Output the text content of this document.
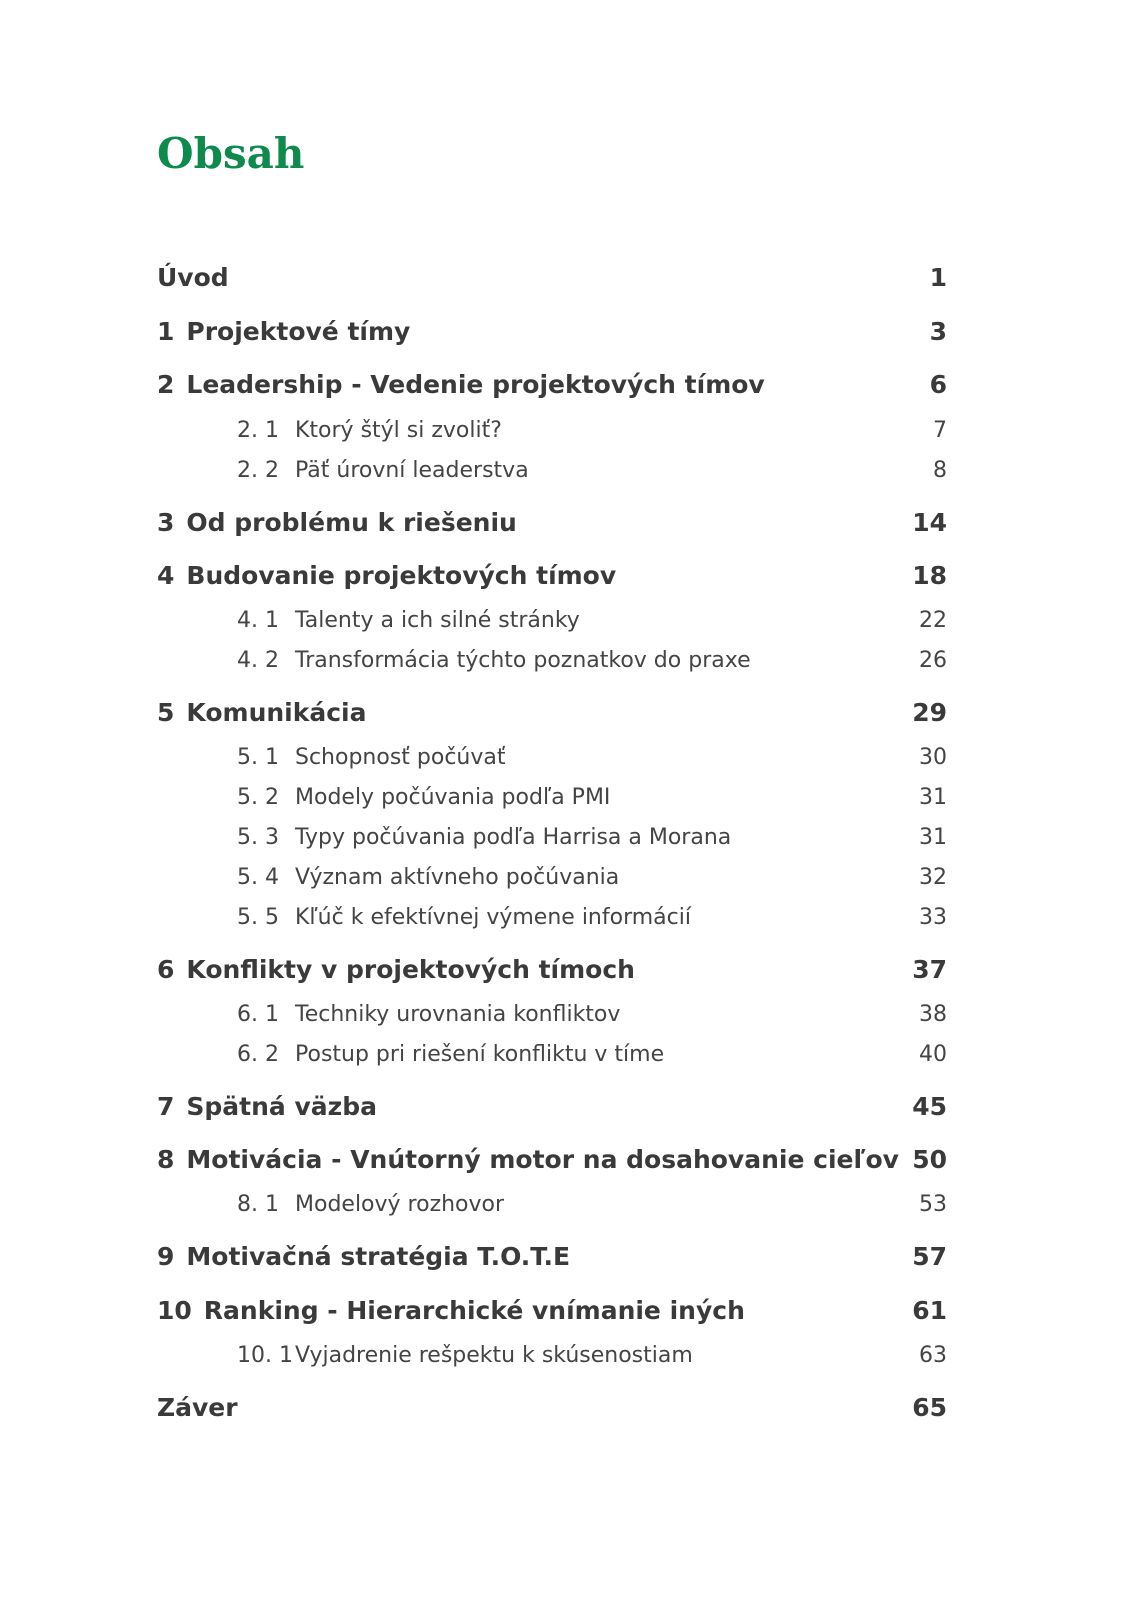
Obsah
Úvod	1
1 Projektové tímy	3
2 Leadership - Vedenie projektových tímov	6
2. 1 Ktorý štýl si zvoliť?	7
2. 2 Päť úrovní leaderstva	8
3 Od problému k riešeniu	14
4 Budovanie projektových tímov	18
4. 1 Talenty a ich silné stránky	22
4. 2 Transformácia týchto poznatkov do praxe	26
5 Komunikácia	29
5. 1 Schopnosť počúvať	30
5. 2 Modely počúvania podľa PMI	31
5. 3 Typy počúvania podľa Harrisa a Morana	31
5. 4 Význam aktívneho počúvania	32
5. 5 Kľúč k efektívnej výmene informácií	33
6 Konflikty v projektových tímoch	37
6. 1 Techniky urovnania konfliktov	38
6. 2 Postup pri riešení konfliktu v tíme	40
7 Spätná väzba	45
8 Motivácia - Vnútorný motor na dosahovanie cieľov 50
8. 1 Modelový rozhovor	53
9 Motivačná stratégia T.O.T.E	57
10 Ranking - Hierarchické vnímanie iných	61
10. 1Vyjadrenie rešpektu k skúsenostiam	63
Záver	65
